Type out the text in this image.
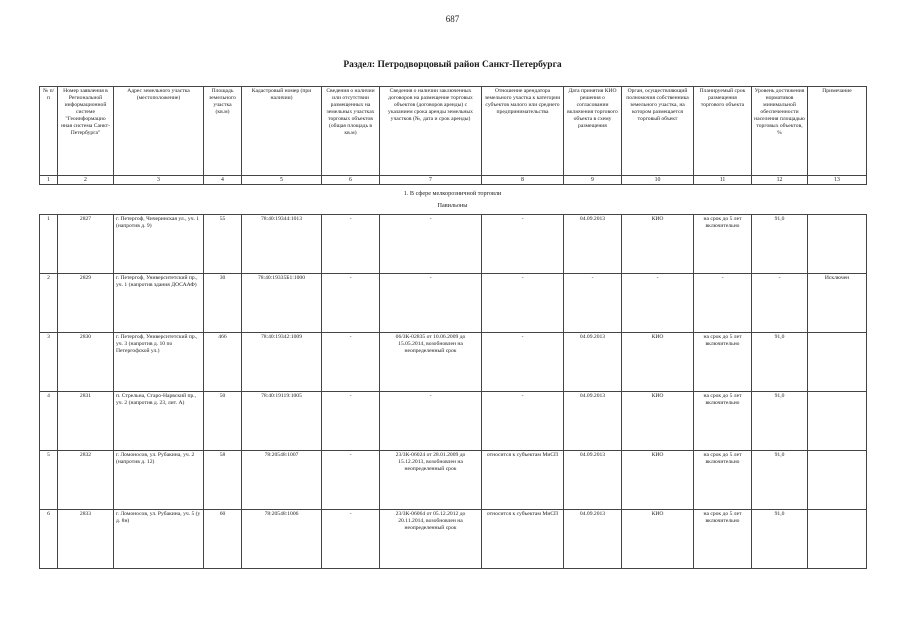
687
Раздел: Петродворцовый район Санкт-Петербурга
№ п/п	Номер заявления в Региональной информационной системе "Геоинформацио нная система Санкт-Петербурга"	Адрес земельного участка (местоположение)	Площадь земельного участка (кв.м)	Кадастровый номер (при наличии)	Сведения о наличии или отсутствии размещенных на земельных участках торговых объектов (общая площадь в кв.м)	Сведения о наличии заключенных договоров на размещение торговых объектов (договоров аренды) с указанием срока аренды земельных участков (№, дата и срок аренды)	Отношение арендатора земельного участка к категории субъектов малого или среднего предпринимательства	Дата принятия КИО решения о согласовании включения торгового объекта в схему размещения	Орган, осуществляющий полномочия собственника земельного участка, на котором размещается торговый объект	Планируемый срок размещения торгового объекта	Уровень достижения нормативов минимальной обеспеченности населения площадью торговых объектов, %	Примечание
1	2	3	4	5	6	7	8	9	10	11	12	13
1. В сфере мелкорозничной торговли
Павильоны
1	2827	г. Петергоф, Чичеринская ул., уч. 1 (напротив д. 9)	55	78:40:19344:1013	-	-	-	04.09.2013	КИО	на срок до 5 лет включительно	91,0	
2	2829	г. Петергоф, Университетский пр., уч. 1 (напротив здания ДОСААФ)	30	78:40:19335Б1:1000	-	-	-	-	-	-	-	Исключен
3	2830	г. Петергоф, Университетский пр., уч. 3 (напротив д. 10 по Петергофской ул.)	466	78:40:19342:1009	-	06/ЗК-02835 от 10.06.2009 до 15.05.2014, возобновлен на неопределенный срок	-	04.09.2013	КИО	на срок до 5 лет включительно	91,0	
4	2831	п. Стрельна, Старо-Нарвский пр., уч. 2 (напротив д. 23, лит. А)	50	78:40:19119:1005	-	-	-	04.09.2013	КИО	на срок до 5 лет включительно	91,0	
5	2832	г. Ломоносов, ул. Рубакина, уч. 2 (напротив д. 12)	58	78:20548:1007	-	23/ЗК-06024 от 28.01.2009 до 15.12.2013, возобновлен на неопределенный срок	относится к субъектам МиСП	04.09.2013	КИО	на срок до 5 лет включительно	91,0	
6	2833	г. Ломоносов, ул. Рубакина, уч. 5 (у д. 8н)	60	78:20548:1006	-	23/ЗК-06064 от 05.12.2012 до 20.11.2014, возобновлен на неопределенный срок	относится к субъектам МиСП	04.09.2013	КИО	на срок до 5 лет включительно	91,0	
